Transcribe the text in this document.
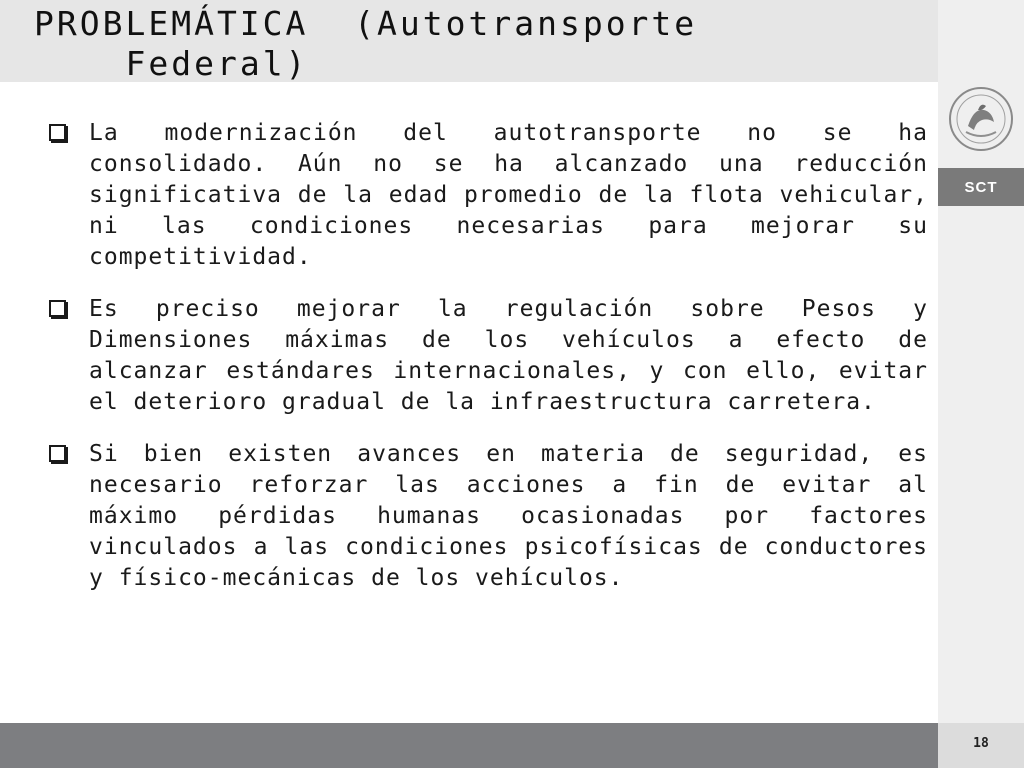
PROBLEMÁTICA  (Autotransporte
Federal)
SCT

La modernización del autotransporte no se ha consolidado. Aún no se ha alcanzado una reducción significativa de la edad promedio de la flota vehicular, ni las condiciones necesarias para mejorar su competitividad.

Es preciso mejorar la regulación sobre Pesos y Dimensiones máximas de los vehículos a efecto de alcanzar estándares internacionales, y con ello, evitar el deterioro gradual de la infraestructura carretera.

Si bien existen avances en materia de seguridad, es necesario reforzar las acciones a fin de evitar al máximo pérdidas humanas ocasionadas por factores vinculados a las condiciones psicofísicas de conductores y físico-mecánicas de los vehículos.

18
